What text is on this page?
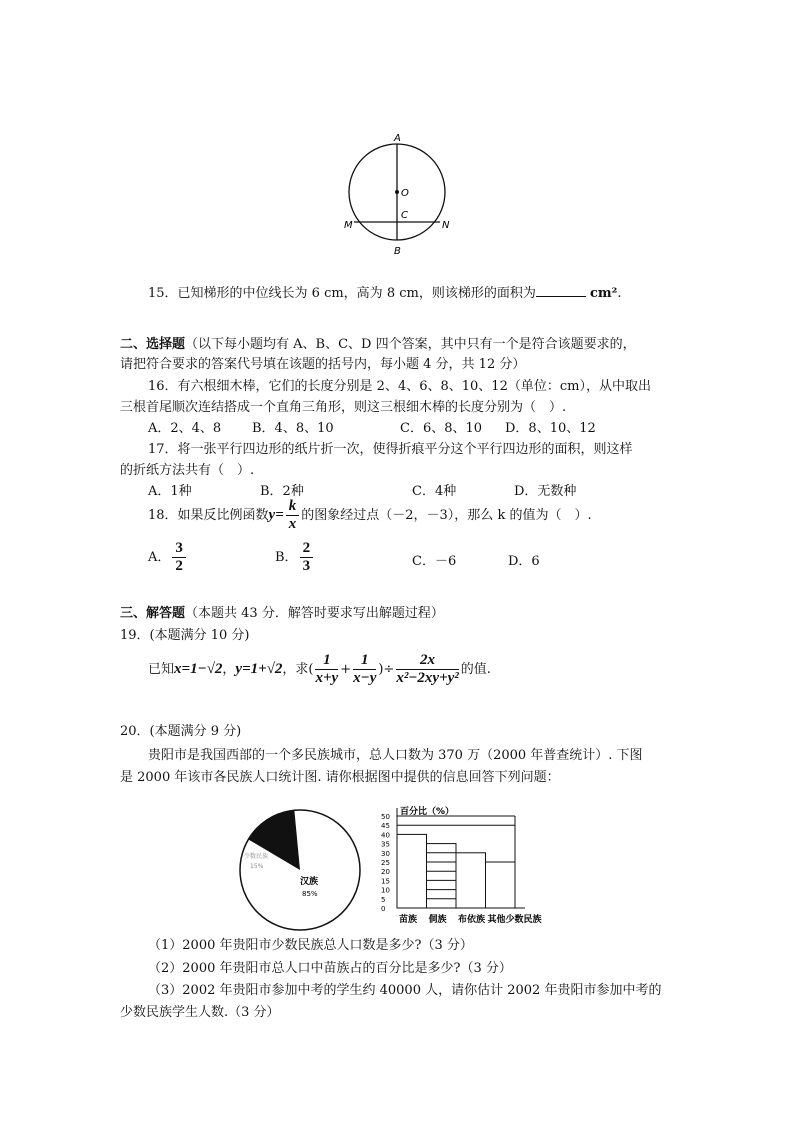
A
O
C
M	N
B
15．已知梯形的中位线长为 6 cm，高为 8 cm，则该梯形的面积为	cm².
二、选择题（以下每小题均有 A、B、C、D 四个答案，其中只有一个是符合该题要求的，
请把符合要求的答案代号填在该题的括号内，每小题 4 分，共 12 分）
16．有六根细木棒，它们的长度分别是 2、4、6、8、10、12（单位：cm），从中取出
三根首尾顺次连结搭成一个直角三角形，则这三根细木棒的长度分别为（　）.
A．2、4、8 B．4、8、10	C．6、8、10 D．8、10、12
17．将一张平行四边形的纸片折一次，使得折痕平分这个平行四边形的面积，则这样
的折纸方法共有（　）.
A．1种	B．2种	C．4种	D．无数种
18．如果反比例函数$y= \frac{k}{x}$ 的图象经过点（－2，－3），那么 k 的值为（　）.
A． $\frac{3}{2}$	B． $\frac{2}{3}$	C．－6	D．6
三、解答题（本题共 43 分．解答时要求写出解题过程）
19．(本题满分 10 分)
已知x=1−√2，y=1+√2，求( $\frac{1}{x+y} + \frac{1}{x-y}$ )÷ $\frac{2x}{\text{x²−2xy+y²}}$ 的值.
20．(本题满分 9 分)
贵阳市是我国西部的一个多民族城市，总人口数为 370 万（2000 年普查统计）. 下图
是 2000 年该市各民族人口统计图. 请你根据图中提供的信息回答下列问题：
少数民族
15%
汉族
85%
百分比（%）
0
5
10
15
20
25
30
35
40
45
50
苗族 侗族 布依族 其他少数民族
（1）2000 年贵阳市少数民族总人口数是多少?（3 分）
（2）2000 年贵阳市总人口中苗族占的百分比是多少?（3 分）
（3）2002 年贵阳市参加中考的学生约 40000 人，请你估计 2002 年贵阳市参加中考的
少数民族学生人数.（3 分）
